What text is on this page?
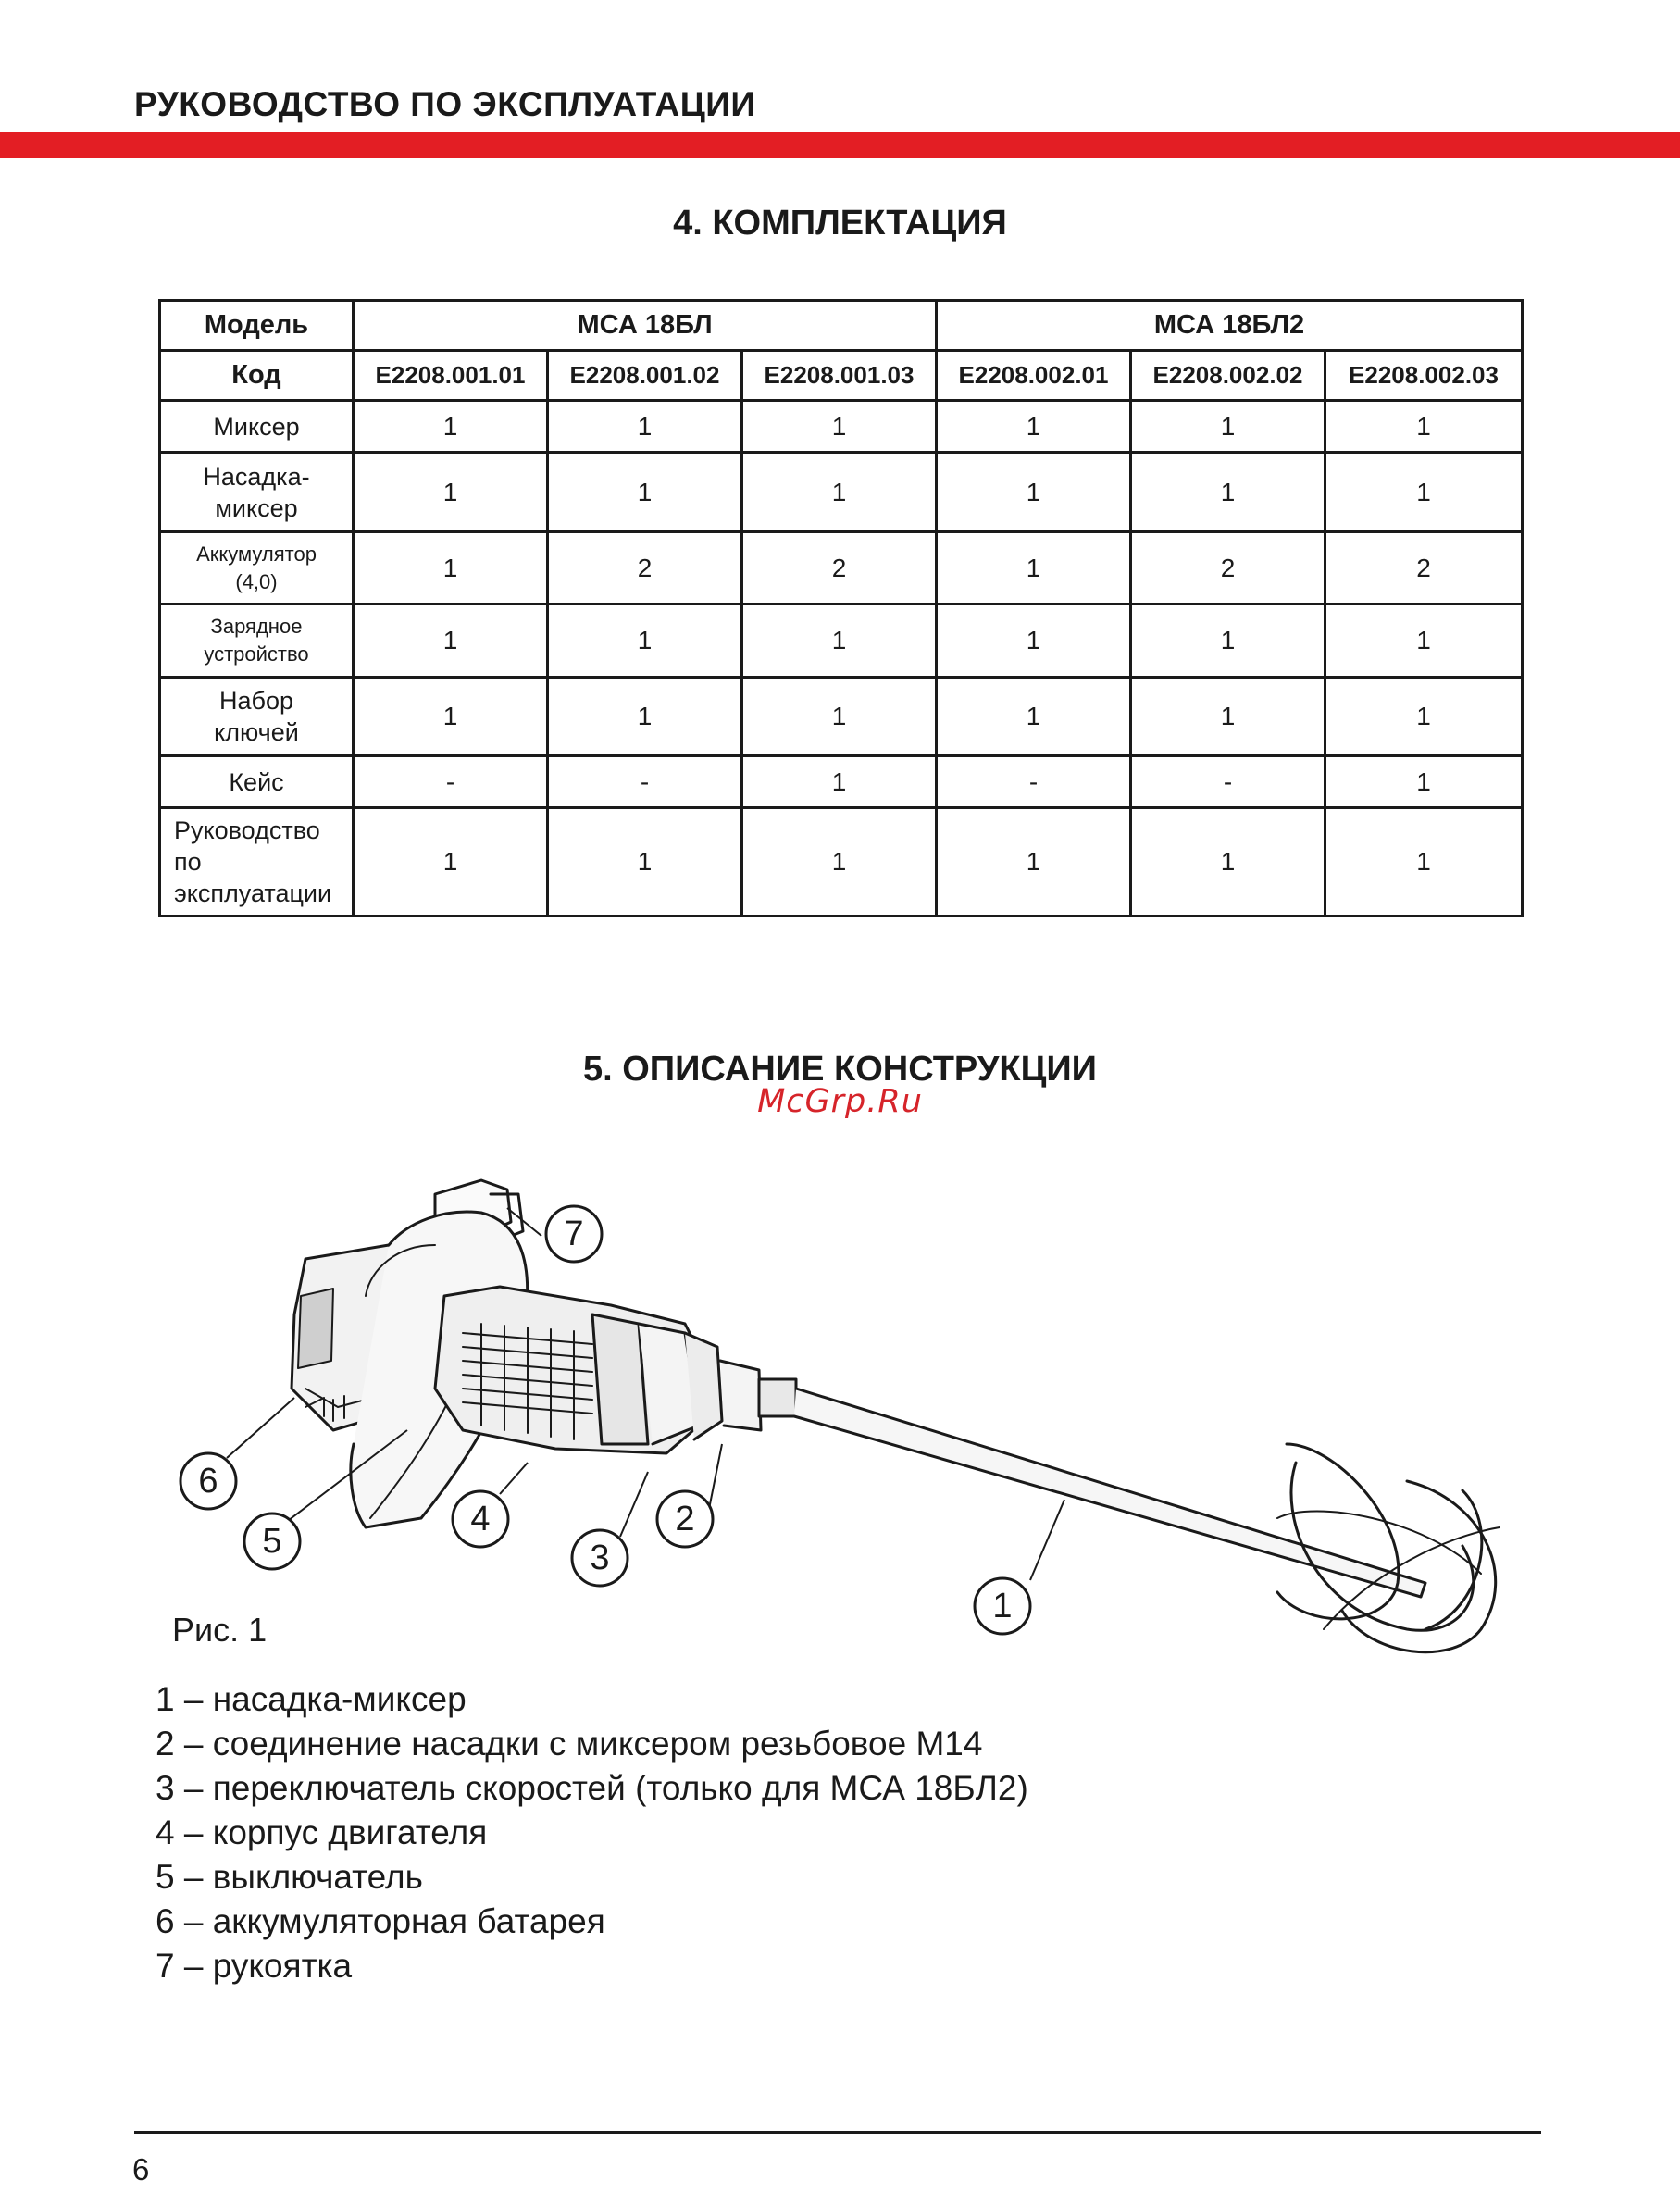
РУКОВОДСТВО ПО ЭКСПЛУАТАЦИИ
4. КОМПЛЕКТАЦИЯ
Модель	МСА 18БЛ			МСА 18БЛ2		
Код	E2208.001.01	E2208.001.02	E2208.001.03	E2208.002.01	E2208.002.02	E2208.002.03
Миксер	1	1	1	1	1	1
Насадка-
миксер	1	1	1	1	1	1
Аккумулятор
(4,0)	1	2	2	1	2	2
Зарядное
устройство	1	1	1	1	1	1
Набор
ключей	1	1	1	1	1	1
Кейс	-	-	1	-	-	1
Руководство
по
эксплуатации	1	1	1	1	1	1
5. ОПИСАНИЕ КОНСТРУКЦИИ
McGrp.Ru
1
2
3
4
5
6
7
Рис. 1
1 – насадка-миксер
2 – соединение насадки с миксером резьбовое М14
3 – переключатель скоростей (только для МСА 18БЛ2)
4 – корпус двигателя
5 – выключатель
6 – аккумуляторная батарея
7 – рукоятка
6
